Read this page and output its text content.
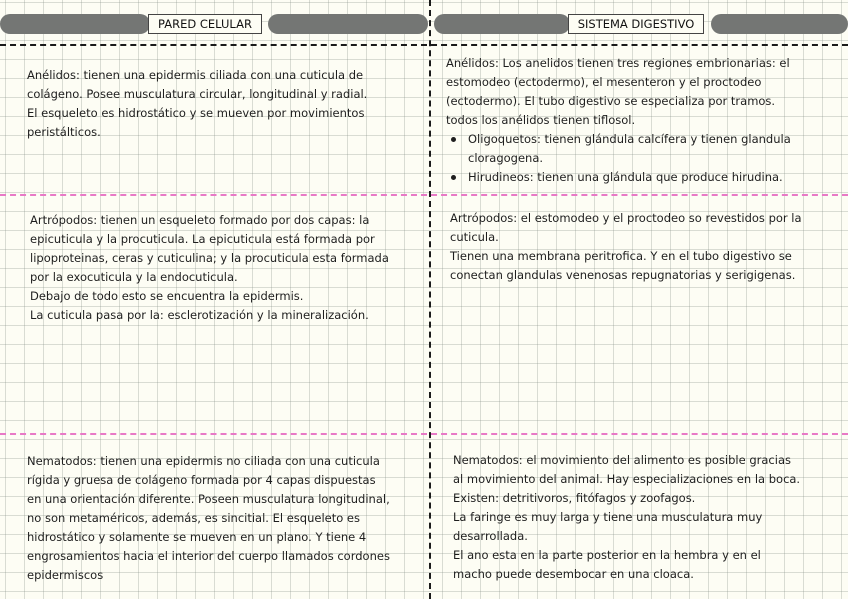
PARED CELULAR	SISTEMA DIGESTIVO

Anélidos: tienen una epidermis ciliada con una cuticula de

colágeno. Posee musculatura circular, longitudinal y radial.

El esqueleto es hidrostático y se mueven por movimientos

peristálticos.

Artrópodos: tienen un esqueleto formado por dos capas: la

epicuticula y la procuticula. La epicuticula está formada por

lipoproteinas, ceras y cuticulina; y la procuticula esta formada

por la exocuticula y la endocuticula.

Debajo de todo esto se encuentra la epidermis.

La cuticula pasa por la: esclerotización y la mineralización.

Nematodos: tienen una epidermis no ciliada con una cuticula

rígida y gruesa de colágeno formada por 4 capas dispuestas

en una orientación diferente. Poseen musculatura longitudinal,

no son metaméricos, además, es sincitial. El esqueleto es

hidrostático y solamente se mueven en un plano. Y tiene 4

engrosamientos hacia el interior del cuerpo llamados cordones

epidermiscos

Anélidos: Los anelidos tienen tres regiones embrionarias: el

estomodeo (ectodermo), el mesenteron y el proctodeo

(ectodermo). El tubo digestivo se especializa por tramos.

todos los anélidos tienen tiflosol.

Oligoquetos: tienen glándula calcífera y tienen glandula

cloragogena.

Hirudineos: tienen una glándula que produce hirudina.

Artrópodos: el estomodeo y el proctodeo so revestidos por la

cuticula.

Tienen una membrana peritrofica. Y en el tubo digestivo se

conectan glandulas venenosas repugnatorias y serigigenas.

Nematodos: el movimiento del alimento es posible gracias

al movimiento del animal. Hay especializaciones en la boca.

Existen: detritivoros, fitófagos y zoofagos.

La faringe es muy larga y tiene una musculatura muy

desarrollada.

El ano esta en la parte posterior en la hembra y en el

macho puede desembocar en una cloaca.
